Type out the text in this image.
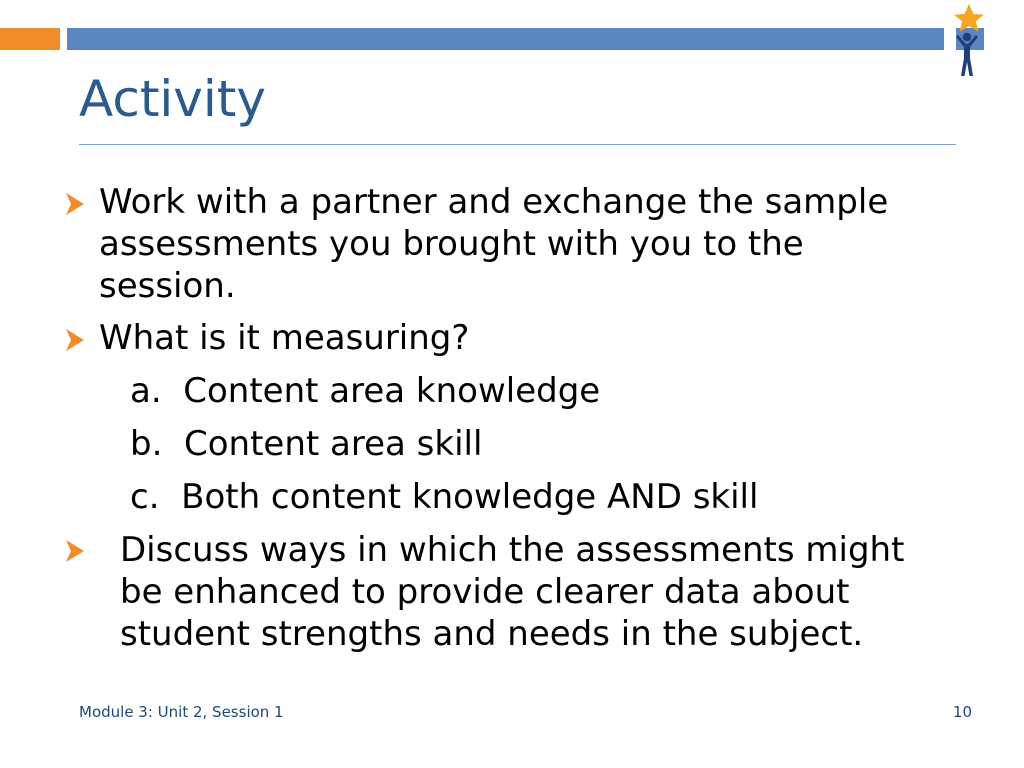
Activity
Work with a partner and exchange the sample assessments you brought with you to the session.
What is it measuring?
a.  Content area knowledge
b.  Content area skill
c.  Both content knowledge AND skill
Discuss ways in which the assessments might be enhanced to provide clearer data about student strengths and needs in the subject.
Module 3: Unit 2, Session 1	10
